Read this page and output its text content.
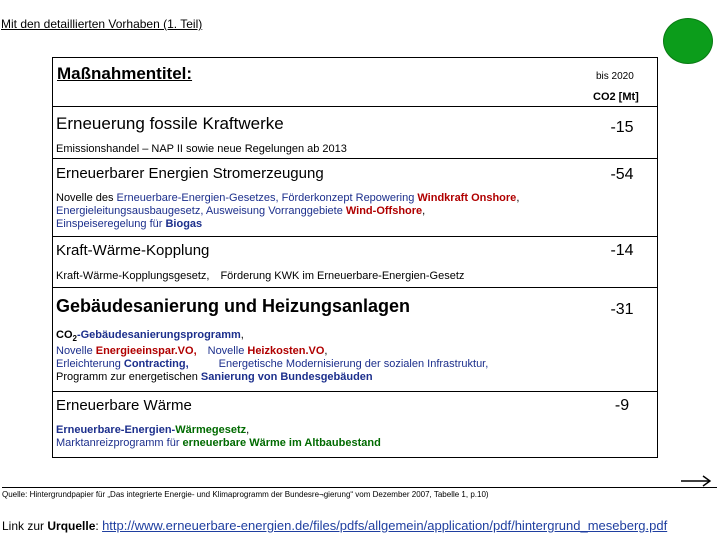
Mit den detaillierten Vorhaben (1. Teil)
Maßnahmentitel:	bis 2020
CO2 [Mt]
Erneuerung fossile Kraftwerke	-15
Emissionshandel – NAP II sowie neue Regelungen ab 2013
Erneuerbarer Energien Stromerzeugung	-54
Novelle des Erneuerbare-Energien-Gesetzes, Förderkonzept Repowering Windkraft Onshore,
Energieleitungsausbaugesetz, Ausweisung Vorranggebiete Wind-Offshore,
Einspeiseregelung für Biogas
Kraft-Wärme-Kopplung	-14
Kraft-Wärme-Kopplungsgesetz, Förderung KWK im Erneuerbare-Energien-Gesetz
Gebäudesanierung und Heizungsanlagen	-31
$CO_2$-Gebäudesanierungsprogramm,
Novelle Energieeinspar.VO, Novelle Heizkosten.VO,
Erleichterung Contracting,	Energetische Modernisierung der sozialen Infrastruktur,
Programm zur energetischen Sanierung von Bundesgebäuden
Erneuerbare Wärme	-9
Erneuerbare-Energien-Wärmegesetz,
Marktanreizprogramm für erneuerbare Wärme im Altbaubestand
Quelle: Hintergrundpapier für „Das integrierte Energie- und Klimaprogramm der Bundesre¬gierung“ vom Dezember 2007, Tabelle 1, p.10)
Link zur Urquelle: http://www.erneuerbare-energien.de/files/pdfs/allgemein/application/pdf/hintergrund_meseberg.pdf
